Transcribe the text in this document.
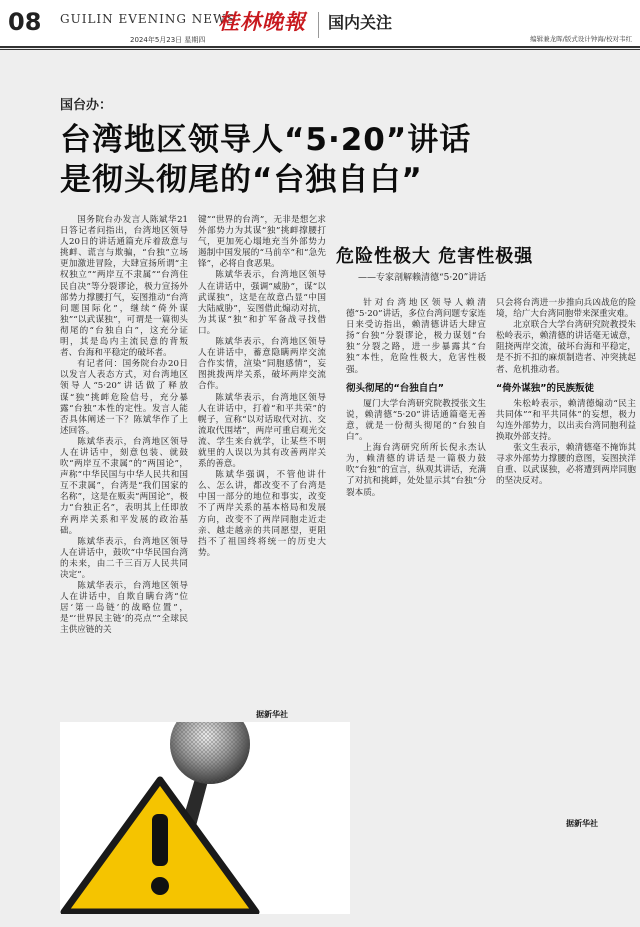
08 GUILIN EVENING NEWS
2024年5月23日 星期四
桂林晚報 国内关注
编辑兼龙晖/版式设计钟海/校对韦红
国台办：
台湾地区领导人“5·20”讲话
是彻头彻尾的“台独自白”

国务院台办发言人陈斌华21日答记者问指出，台湾地区领导人20日的讲话通篇充斥着敌意与挑衅、谎言与欺骗，“台独”立场更加激进冒险，大肆宣扬所谓“主权独立”“两岸互不隶属”“台湾住民自决”等分裂谬论，极力宣扬外部势力撑腰打气，妄图推动“台湾问题国际化”，继续“倚外谋独”“以武谋独”，可谓是一篇彻头彻尾的“台独自白”，这充分证明，其是岛内主流民意的背叛者、台海和平稳定的破坏者。

有记者问：国务院台办20日以发言人表态方式，对台湾地区领导人“5·20”讲话做了释放谋“独”挑衅危险信号，充分暴露“台独”本性的定性。发言人能否具体阐述一下？陈斌华作了上述回答。

陈斌华表示，台湾地区领导人在讲话中，刻意包装、就鼓吹“两岸互不隶属”的“两国论”，声称“中华民国与中华人民共和国互不隶属”，台湾是“我们国家的名称”，这是在贩卖“两国论”，极力“台独正名”，表明其上任即放弃两岸关系和平发展的政治基础。

陈斌华表示，台湾地区领导人在讲话中，鼓吹“中华民国台湾的未来，由二千三百万人民共同决定”。

陈斌华表示，台湾地区领导人在讲话中，自欺自瞒台湾“位居‘第一岛链’的战略位置”，是“‘世界民主链’的亮点”“全球民主供应链的关

键”“世界的台湾”，无非是想乞求外部势力为其谋“独”挑衅撑腰打气，更加死心塌地充当外部势力遏制中国发展的“马前卒”和“急先锋”，必将自食恶果。

陈斌华表示，台湾地区领导人在讲话中，强调“威胁”，谋“以武谋独”，这是在故意凸显“中国大陆威胁”，妄图借此煽动对抗，为其谋“独”和扩军备战寻找借口。

陈斌华表示，台湾地区领导人在讲话中，蓄意隐瞒两岸交流合作实情，渲染“同胞感情”，妄图挑拨两岸关系，破坏两岸交流合作。

陈斌华表示，台湾地区领导人在讲话中，打着“和平共荣”的幌子，宣称“以对话取代对抗、交流取代围堵”，两岸可重启观光交流、学生来台就学，让某些不明就里的人误以为其有改善两岸关系的善意。

陈斌华强调，不管他讲什么、怎么讲，都改变不了台湾是中国一部分的地位和事实，改变不了两岸关系的基本格局和发展方向，改变不了两岸同胞走近走亲、越走越亲的共同愿望，更阻挡不了祖国终将统一的历史大势。

据新华社
危险性极大 危害性极强
——专家剖解赖清德“5·20”讲话

针对台湾地区领导人赖清德“5·20”讲话，多位台湾问题专家连日来受访指出，赖清德讲话大肆宣扬“台独”分裂谬论，极力谋划“台独”分裂之路，进一步暴露其“台独”本性，危险性极大，危害性极强。

彻头彻尾的“台独自白”

厦门大学台湾研究院教授张文生说，赖清德“5·20”讲话通篇毫无善意，就是一份彻头彻尾的“台独自白”。

上海台湾研究所所长倪永杰认为，赖清德的讲话是一篇极力鼓吹“台独”的宣言，纵观其讲话，充满了对抗和挑衅，处处显示其“台独”分裂本质。

只会将台湾进一步推向兵凶战危的险境，给广大台湾同胞带来深重灾难。

北京联合大学台湾研究院教授朱松岭表示，赖清德的讲话毫无诚意，阻挠两岸交流，破坏台海和平稳定，是不折不扣的麻烦制造者、冲突挑起者、危机推动者。

“倚外谋独”的民族叛徒

朱松岭表示，赖清德煽动“民主共同体”“和平共同体”的妄想，极力勾连外部势力，以出卖台湾同胞利益换取外部支持。

张文生表示，赖清德毫不掩饰其寻求外部势力撑腰的意图，妄图挟洋自重、以武谋独，必将遭到两岸同胞的坚决反对。

据新华社
